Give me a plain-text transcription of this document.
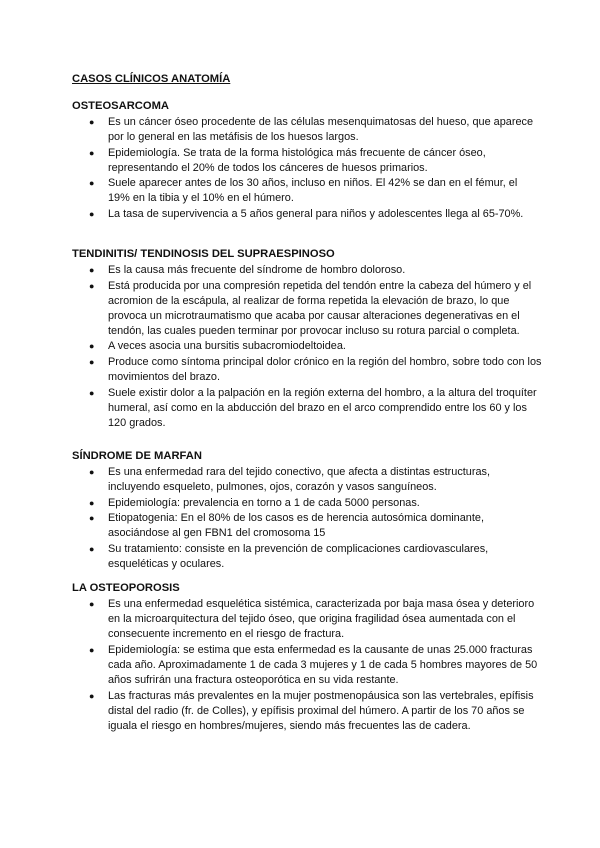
CASOS CLÍNICOS ANATOMÍA
OSTEOSARCOMA
● Es un cáncer óseo procedente de las células mesenquimatosas del hueso, que aparece por lo general en las metáfisis de los huesos largos.
● Epidemiología. Se trata de la forma histológica más frecuente de cáncer óseo, representando el 20% de todos los cánceres de huesos primarios.
● Suele aparecer antes de los 30 años, incluso en niños. El 42% se dan en el fémur, el 19% en la tibia y el 10% en el húmero.
● La tasa de supervivencia a 5 años general para niños y adolescentes llega al 65-70%.
TENDINITIS/ TENDINOSIS DEL SUPRAESPINOSO
● Es la causa más frecuente del síndrome de hombro doloroso.
● Está producida por una compresión repetida del tendón entre la cabeza del húmero y el acromion de la escápula, al realizar de forma repetida la elevación de brazo, lo que provoca un microtraumatismo que acaba por causar alteraciones degenerativas en el tendón, las cuales pueden terminar por provocar incluso su rotura parcial o completa.
● A veces asocia una bursitis subacromiodeltoidea.
● Produce como síntoma principal dolor crónico en la región del hombro, sobre todo con los movimientos del brazo.
● Suele existir dolor a la palpación en la región externa del hombro, a la altura del troquíter humeral, así como en la abducción del brazo en el arco comprendido entre los 60 y los 120 grados.
SÍNDROME DE MARFAN
● Es una enfermedad rara del tejido conectivo, que afecta a distintas estructuras, incluyendo esqueleto, pulmones, ojos, corazón y vasos sanguíneos.
● Epidemiología: prevalencia en torno a 1 de cada 5000 personas.
● Etiopatogenia: En el 80% de los casos es de herencia autosómica dominante, asociándose al gen FBN1 del cromosoma 15
● Su tratamiento: consiste en la prevención de complicaciones cardiovasculares, esqueléticas y oculares.
LA OSTEOPOROSIS
● Es una enfermedad esquelética sistémica, caracterizada por baja masa ósea y deterioro en la microarquitectura del tejido óseo, que origina fragilidad ósea aumentada con el consecuente incremento en el riesgo de fractura.
● Epidemiología: se estima que esta enfermedad es la causante de unas 25.000 fracturas cada año. Aproximadamente 1 de cada 3 mujeres y 1 de cada 5 hombres mayores de 50 años sufrirán una fractura osteoporótica en su vida restante.
● Las fracturas más prevalentes en la mujer postmenopáusica son las vertebrales, epífisis distal del radio (fr. de Colles), y epífisis proximal del húmero. A partir de los 70 años se iguala el riesgo en hombres/mujeres, siendo más frecuentes las de cadera.
